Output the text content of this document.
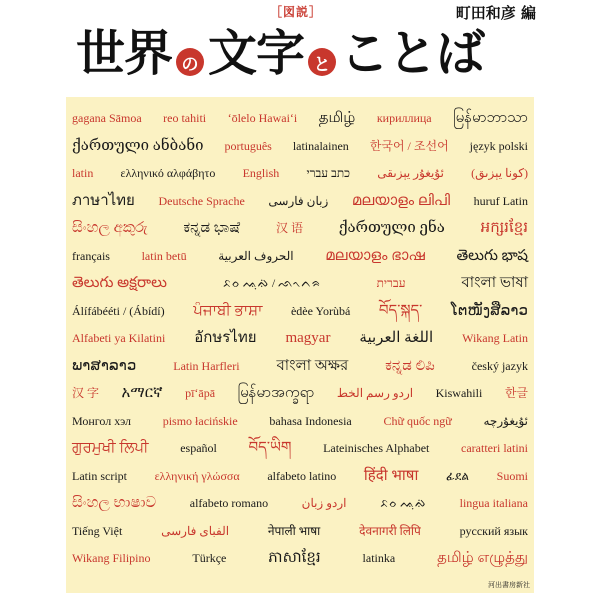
［図説］	町田和彦 編
世界 の 文字 と ことば
河出書房新社
gagana Sāmoa reo tahiti ʻōlelo Hawaiʻi தமிழ் кириллица မြန်မာဘာသာ
ქართული ანბანი português latinalainen 한국어 / 조선어 język polski
latin ελληνικό αλφάβητο English כתב עברי ئۇيغۇر يېزىقى (كونا يېزىق)
ภาษาไทย Deutsche Sprache زبان فارسی മലയാളം ലിപി huruf Latin
සිංහල අකුරු ಕನ್ನಡ ಭಾಷೆ	汉 语 ქართული ენა អក្សរខ្មែរ
français	latin betū	الحروف العربية മലയാളം ഭാഷ తెలుగు భాష
తెలుగు అక్షరాలు	ᨅᨔ ᨕᨘᨁᨗ / ᨒᨚᨈᨑ	עברית	বাংলা ভাষা
Álífábééti / (Ábídí) ਪੰਜਾਬੀ ਭਾਸ਼ਾ èdèe Yorùbá བོད་སྐད་ ໂຕໜັງສືລາວ
Alfabeti ya Kilatini อักษรไทย magyar اللغة العربية Wikang Latin
ພາສາລາວ	Latin Harfleri বাংলা অক্ষর ಕನ್ನಡ ಲಿಪಿ	český jazyk
汉 字 አማርኛ pīʻāpā မြန်မာအက္ခရာ اردو رسم الخط Kiswahili 한글
Монгол хэл	pismo łacińskie	bahasa Indonesia	Chữ quốc ngữ	ئۇيغۇرچە
ਗੁਰਮੁਖੀ ਲਿਪੀ	español བོད་ཡིག	Lateinisches Alphabet	caratteri latini
Latin script ελληνική γλώσσα alfabeto latino हिंदी भाषा ፊደል Suomi
සිංහල භාෂාව	alfabeto romano	اردو زبان	ᨅᨔ ᨕᨘᨁᨗ	lingua italiana
Tiếng Việt	الفبای فارسی	नेपाली भाषा	देवनागरी लिपि	русский язык
Wikang Filipino	Türkçe	ភាសាខ្មែរ	latinka	தமிழ் எழுத்து
